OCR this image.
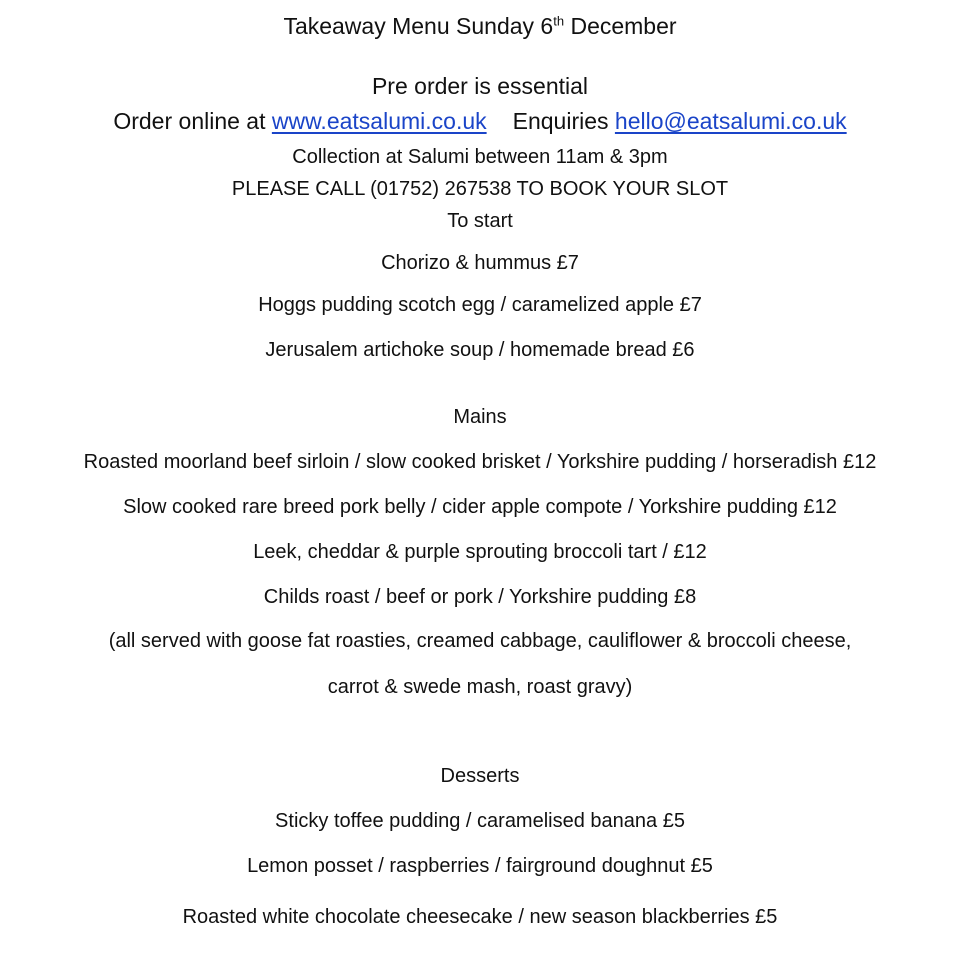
Takeaway Menu Sunday 6th December
Pre order is essential
Order online at www.eatsalumi.co.uk Enquiries hello@eatsalumi.co.uk
Collection at Salumi between 11am & 3pm
PLEASE CALL (01752) 267538 TO BOOK YOUR SLOT
To start
Chorizo & hummus £7
Hoggs pudding scotch egg / caramelized apple £7
Jerusalem artichoke soup / homemade bread £6
Mains
Roasted moorland beef sirloin / slow cooked brisket / Yorkshire pudding / horseradish £12
Slow cooked rare breed pork belly / cider apple compote / Yorkshire pudding £12
Leek, cheddar & purple sprouting broccoli tart / £12
Childs roast / beef or pork / Yorkshire pudding £8
(all served with goose fat roasties, creamed cabbage, cauliflower & broccoli cheese,
carrot & swede mash, roast gravy)
Desserts
Sticky toffee pudding / caramelised banana £5
Lemon posset / raspberries / fairground doughnut £5
Roasted white chocolate cheesecake / new season blackberries £5
